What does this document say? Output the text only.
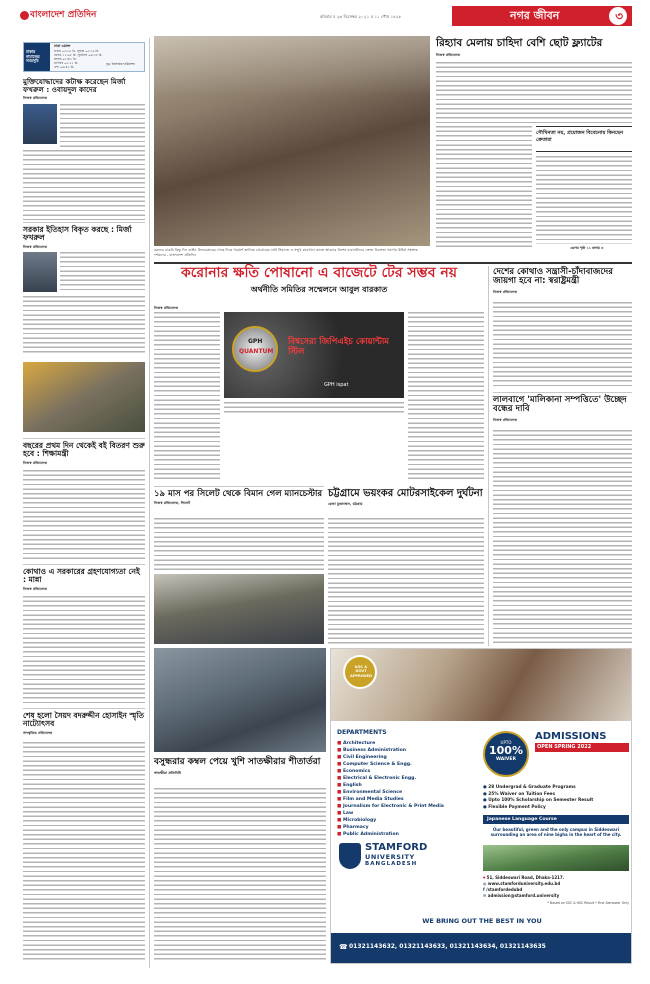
বাংলাদেশ প্রতিদিন	রবিবার ॥ ২৬ ডিসেম্বর ২০২১ ॥ ১১ পৌষ ১৪২৮	নগর জীবন	৩
ঢাকার নামাজের সময়সূচি
ঢাকা ওয়াক্ত
ফজর ০৫:১৯ মি. সূর্যাস্ত ০৫:১৯ মি.
যোহর ১২:০৮ মি. সূর্যোদয় ০৬:৩৮ মি.
আসর ০৩:৪৫ মি.
মাগরিব ০৫:২১ মি.
এশা ০৬:৪২ মি.
সূত্র: ইসলামিক ফাউন্ডেশন
মুক্তিযোদ্ধাদের কটাক্ষ করেছেন মির্জা ফখরুল : ওবায়দুল কাদের
নিজস্ব প্রতিবেদক
সরকার ইতিহাস বিকৃত করছে : মির্জা ফখরুল
নিজস্ব প্রতিবেদক
বছরের প্রথম দিন থেকেই বই বিতরণ শুরু হবে : শিক্ষামন্ত্রী
নিজস্ব প্রতিবেদক
কোথাও এ সরকারের গ্রহণযোগ্যতা নেই : মান্না
নিজস্ব প্রতিবেদক
শেষ হলো সৈয়দ বদরুদ্দীন হোসাইন স্মৃতি নাট্যোৎসব
সাংস্কৃতিক প্রতিবেদক
বরফের চাকরি কিন্তু দিন গুঞ্জন উজারকারের গেছে দিকে পরামর্শ জানিয়ে চট্টগ্রামের নারী সিরাজে ও সম্মুখ কারখানা কাজে আকারে বিশেষ ব্যবসায়ীদের ক্রেতা বিক্রেতা সমাগম উদ্বিগ্ন সংক্রান্ত দর্শকদের - বাংলাদেশ প্রতিদিন
রিহ্যাব মেলায় চাহিদা বেশি ছোট ফ্ল্যাটের
নিজস্ব প্রতিবেদক
সৌখিনতা নয়, প্রয়োজন বিবেচনায় কিনছেন ক্রেতারা
এরপর পৃষ্ঠা ১১ কলাম ৩
করোনার ক্ষতি পোষানো এ বাজেটে টের সম্ভব নয়
অর্থনীতি সমিতির সম্মেলনে আবুল বারকাত
নিজস্ব প্রতিবেদক
GPH
QUANTUM
বিশ্বসেরা জিপিএইচ কোয়ান্টাম স্টিল
GPH ispat
১৯ মাস পর সিলেট থেকে বিমান গেল ম্যানচেস্টার
নিজস্ব প্রতিবেদক, সিলেট
চট্টগ্রামে ভয়ংকর মোটরসাইকেল দুর্ঘটনা
রেজা মুজাম্মেল, চট্টগ্রাম
দেশের কোথাও সন্ত্রাসী-চাঁদাবাজদের জায়গা হবে না: স্বরাষ্ট্রমন্ত্রী
নিজস্ব প্রতিবেদক
লালবাগে 'মালিকানা সম্পত্তিতে' উচ্ছেদ বন্ধের দাবি
নিজস্ব প্রতিবেদক
বসুন্ধরার কম্বল পেয়ে খুশি সাতক্ষীরার শীতার্তরা
সাতক্ষীরা প্রতিনিধি
UGC & GOVT APPROVED
DEPARTMENTS
■ Architecture
■ Business Administration
■ Civil Engineering
■ Computer Science & Engg.
■ Economics
■ Electrical & Electronic Engg.
■ English
■ Environmental Science
■ Film and Media Studies
■ Journalism for Electronic & Print Media
■ Law
■ Microbiology
■ Pharmacy
■ Public Administration
UPTO
100%
WAIVER
ADMISSIONS
OPEN SPRING 2022
● 28 Undergrad & Graduate Programs
● 25% Waiver on Tuition Fees
● Upto 100% Scholarship on Semester Result
● Flexible Payment Policy
Japanese Language Course
Our beautiful, green and the only campus in Siddeswari surrounding an area of nine bigha in the heart of the city.
⌖ 51, Siddeswari Road, Dhaka-1217.
◍ www.stamforduniversity.edu.bd
f /stamfordedubd
✉ admission@stamford.university
STAMFORD
UNIVERSITY
BANGLADESH
* Based on SSC & HSC Result * First Semester Only
WE BRING OUT THE BEST IN YOU
☎ 01321143632, 01321143633, 01321143634, 01321143635
